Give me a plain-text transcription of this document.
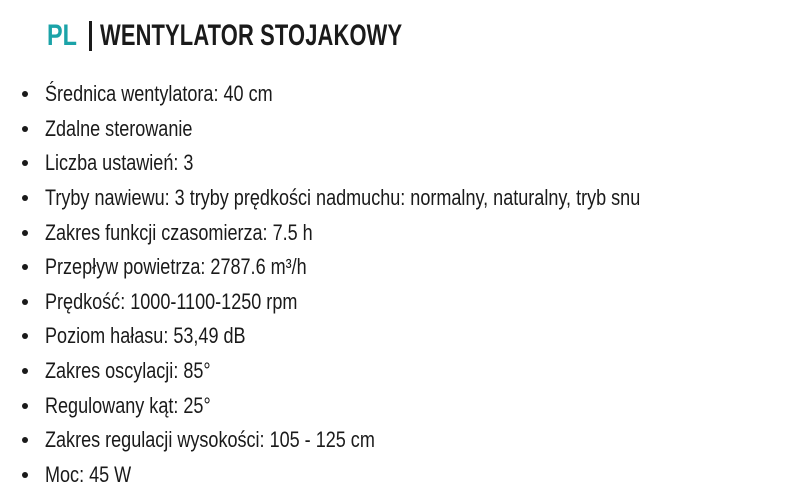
PL WENTYLATOR STOJAKOWY
Średnica wentylatora: 40 cm
Zdalne sterowanie
Liczba ustawień: 3
Tryby nawiewu: 3 tryby prędkości nadmuchu: normalny, naturalny, tryb snu
Zakres funkcji czasomierza: 7.5 h
Przepływ powietrza: 2787.6 m³/h
Prędkość: 1000-1100-1250 rpm
Poziom hałasu: 53,49 dB
Zakres oscylacji: 85°
Regulowany kąt: 25°
Zakres regulacji wysokości: 105 - 125 cm
Moc: 45 W
